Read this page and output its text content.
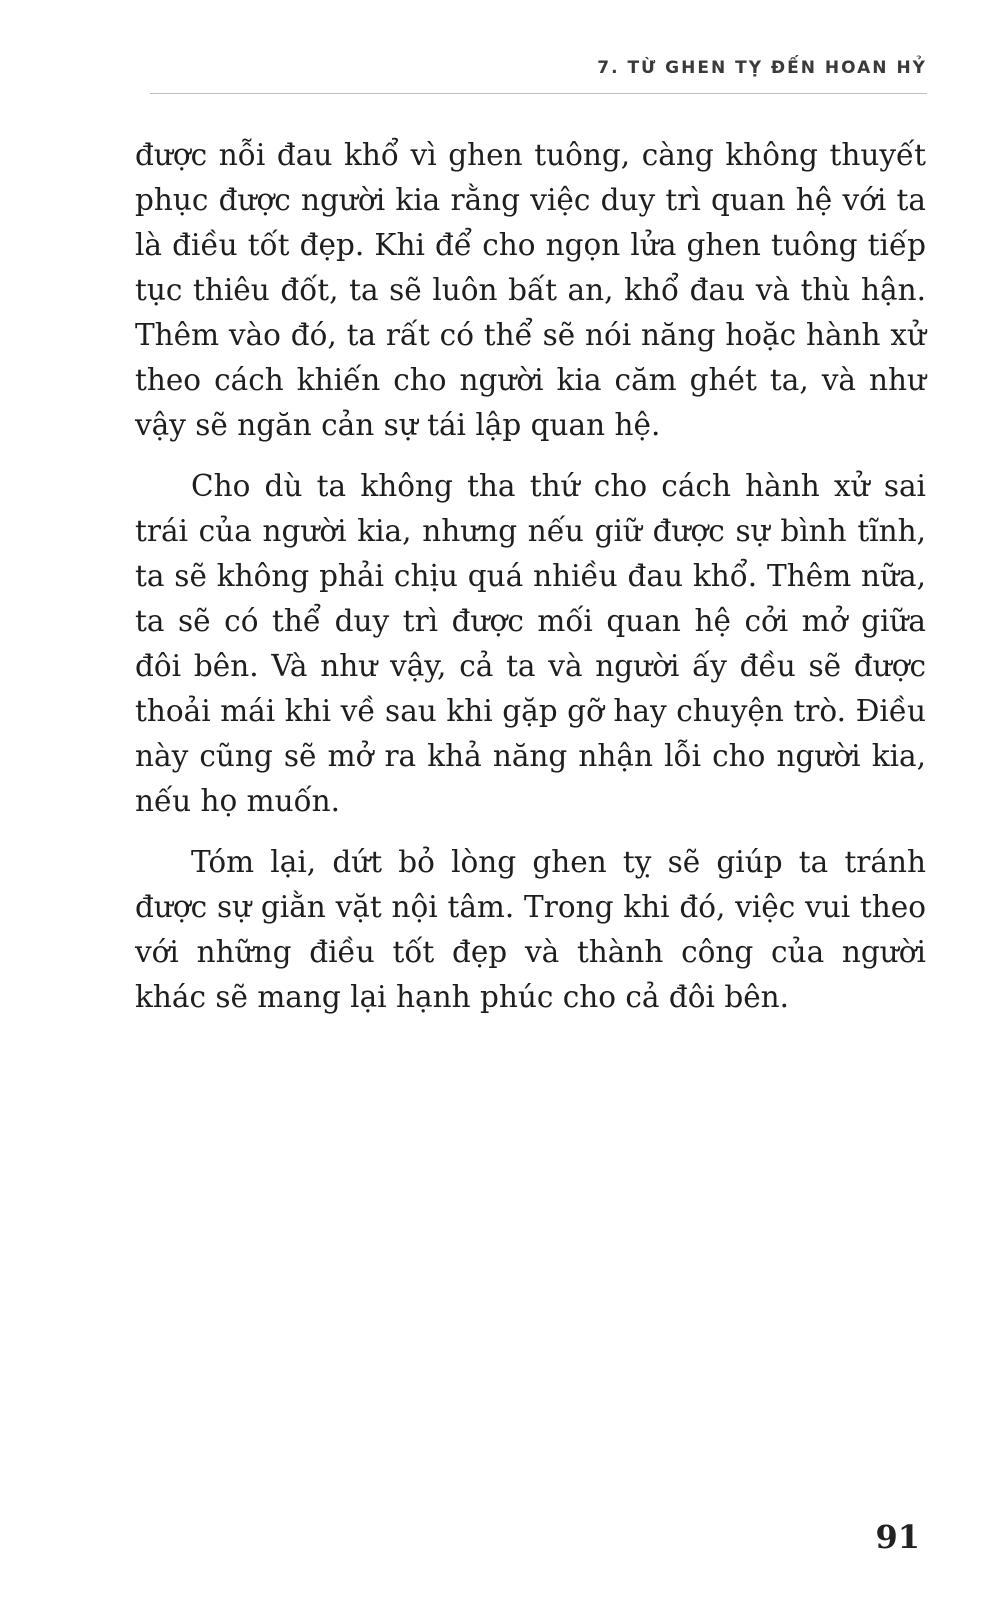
7. TỪ GHEN TỴ ĐẾN HOAN HỶ

được nỗi đau khổ vì ghen tuông, càng không thuyết phục được người kia rằng việc duy trì quan hệ với ta là điều tốt đẹp. Khi để cho ngọn lửa ghen tuông tiếp tục thiêu đốt, ta sẽ luôn bất an, khổ đau và thù hận. Thêm vào đó, ta rất có thể sẽ nói năng hoặc hành xử theo cách khiến cho người kia căm ghét ta, và như vậy sẽ ngăn cản sự tái lập quan hệ.

Cho dù ta không tha thứ cho cách hành xử sai trái của người kia, nhưng nếu giữ được sự bình tĩnh, ta sẽ không phải chịu quá nhiều đau khổ. Thêm nữa, ta sẽ có thể duy trì được mối quan hệ cởi mở giữa đôi bên. Và như vậy, cả ta và người ấy đều sẽ được thoải mái khi về sau khi gặp gỡ hay chuyện trò. Điều này cũng sẽ mở ra khả năng nhận lỗi cho người kia, nếu họ muốn.

Tóm lại, dứt bỏ lòng ghen tỵ sẽ giúp ta tránh được sự giằn vặt nội tâm. Trong khi đó, việc vui theo với những điều tốt đẹp và thành công của người khác sẽ mang lại hạnh phúc cho cả đôi bên.

91
